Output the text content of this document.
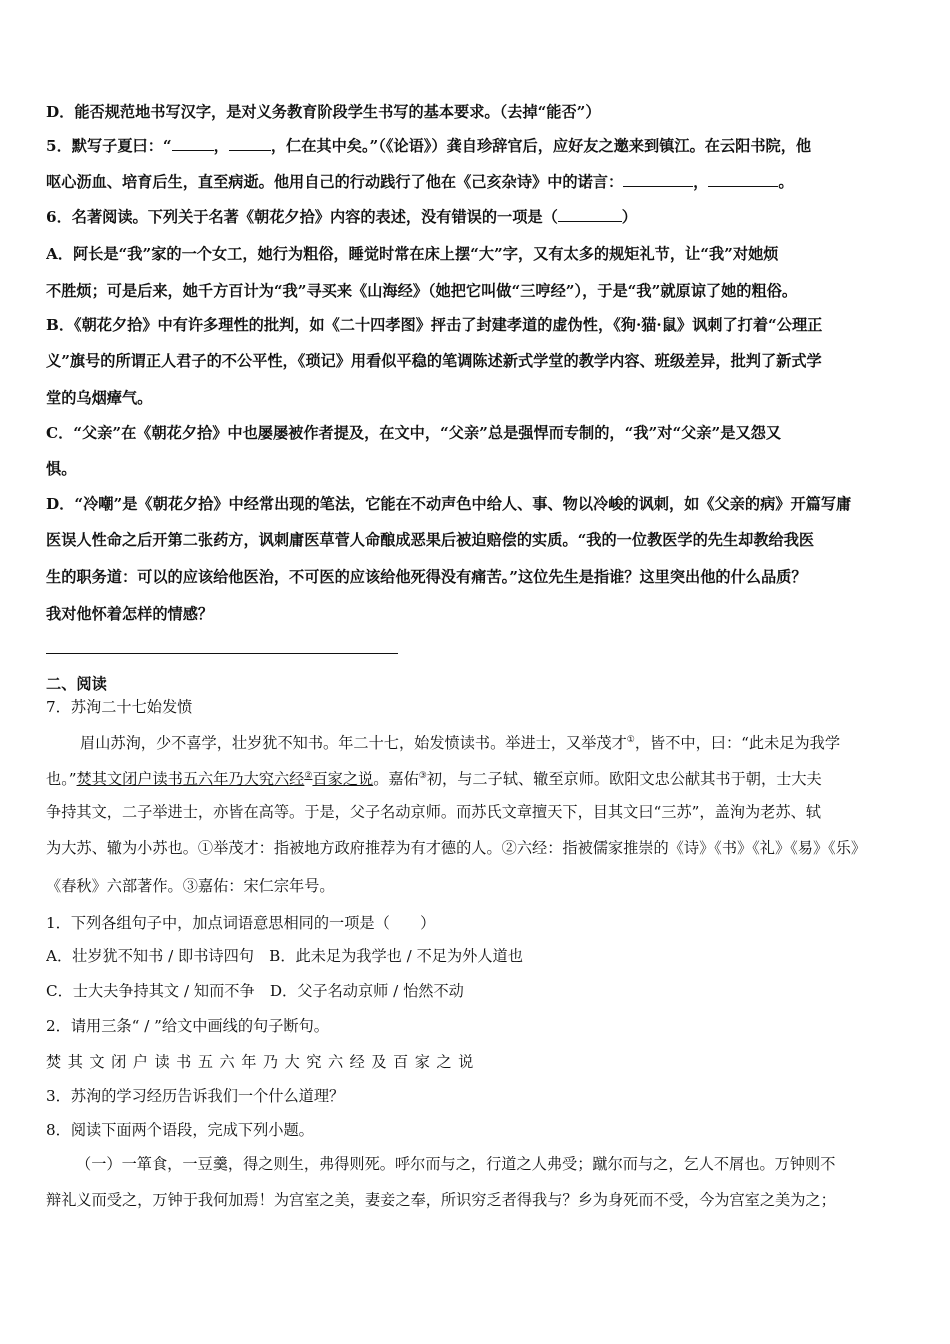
D．能否规范地书写汉字，是对义务教育阶段学生书写的基本要求。（去掉“能否”）
5．默写子夏曰：“	，	，仁在其中矣。”（《论语》）龚自珍辞官后，应好友之邀来到镇江。在云阳书院，他
呕心沥血、培育后生，直至病逝。他用自己的行动践行了他在《己亥杂诗》中的诺言：	，	。
6．名著阅读。下列关于名著《朝花夕拾》内容的表述，没有错误的一项是（	）
A．阿长是“我”家的一个女工，她行为粗俗，睡觉时常在床上摆“大”字，又有太多的规矩礼节，让“我”对她烦
不胜烦；可是后来，她千方百计为“我”寻买来《山海经》（她把它叫做“三哼经”），于是“我”就原谅了她的粗俗。
B．《朝花夕拾》中有许多理性的批判，如《二十四孝图》抨击了封建孝道的虚伪性，《狗·猫·鼠》讽刺了打着“公理正
义”旗号的所谓正人君子的不公平性，《琐记》用看似平稳的笔调陈述新式学堂的教学内容、班级差异，批判了新式学
堂的乌烟瘴气。
C．“父亲”在《朝花夕拾》中也屡屡被作者提及，在文中，“父亲”总是强悍而专制的，“我”对“父亲”是又怨又
惧。
D．“冷嘲”是《朝花夕拾》中经常出现的笔法，它能在不动声色中给人、事、物以冷峻的讽刺，如《父亲的病》开篇写庸
医误人性命之后开第二张药方，讽刺庸医草菅人命酿成恶果后被迫赔偿的实质。“我的一位教医学的先生却教给我医
生的职务道：可以的应该给他医治，不可医的应该给他死得没有痛苦。”这位先生是指谁？这里突出他的什么品质？
我对他怀着怎样的情感？
二、阅读
7．苏洵二十七始发愤
眉山苏洵，少不喜学，壮岁犹不知书。年二十七，始发愤读书。举进士，又举茂才①，皆不中，曰：“此未足为我学
也。”焚其文闭户读书五六年乃大究六经②百家之说。嘉佑③初，与二子轼、辙至京师。欧阳文忠公献其书于朝，士大夫
争持其文，二子举进士，亦皆在高等。于是，父子名动京师。而苏氏文章擅天下，目其文曰“三苏”，盖洵为老苏、轼
为大苏、辙为小苏也。①举茂才：指被地方政府推荐为有才德的人。②六经：指被儒家推崇的《诗》《书》《礼》《易》《乐》
《春秋》六部著作。③嘉佑：宋仁宗年号。
1．下列各组句子中，加点词语意思相同的一项是（　　）
A．壮岁犹不知书 / 即书诗四句　B．此未足为我学也 / 不足为外人道也
C．士大夫争持其文 / 知而不争　D．父子名动京师 / 怡然不动
2．请用三条“ / ”给文中画线的句子断句。
焚其文闭户读书五六年乃大究六经及百家之说
3．苏洵的学习经历告诉我们一个什么道理？
8．阅读下面两个语段，完成下列小题。
（一）一箪食，一豆羹，得之则生，弗得则死。呼尔而与之，行道之人弗受；蹴尔而与之，乞人不屑也。万钟则不
辩礼义而受之，万钟于我何加焉！为宫室之美，妻妾之奉，所识穷乏者得我与？乡为身死而不受，今为宫室之美为之；
